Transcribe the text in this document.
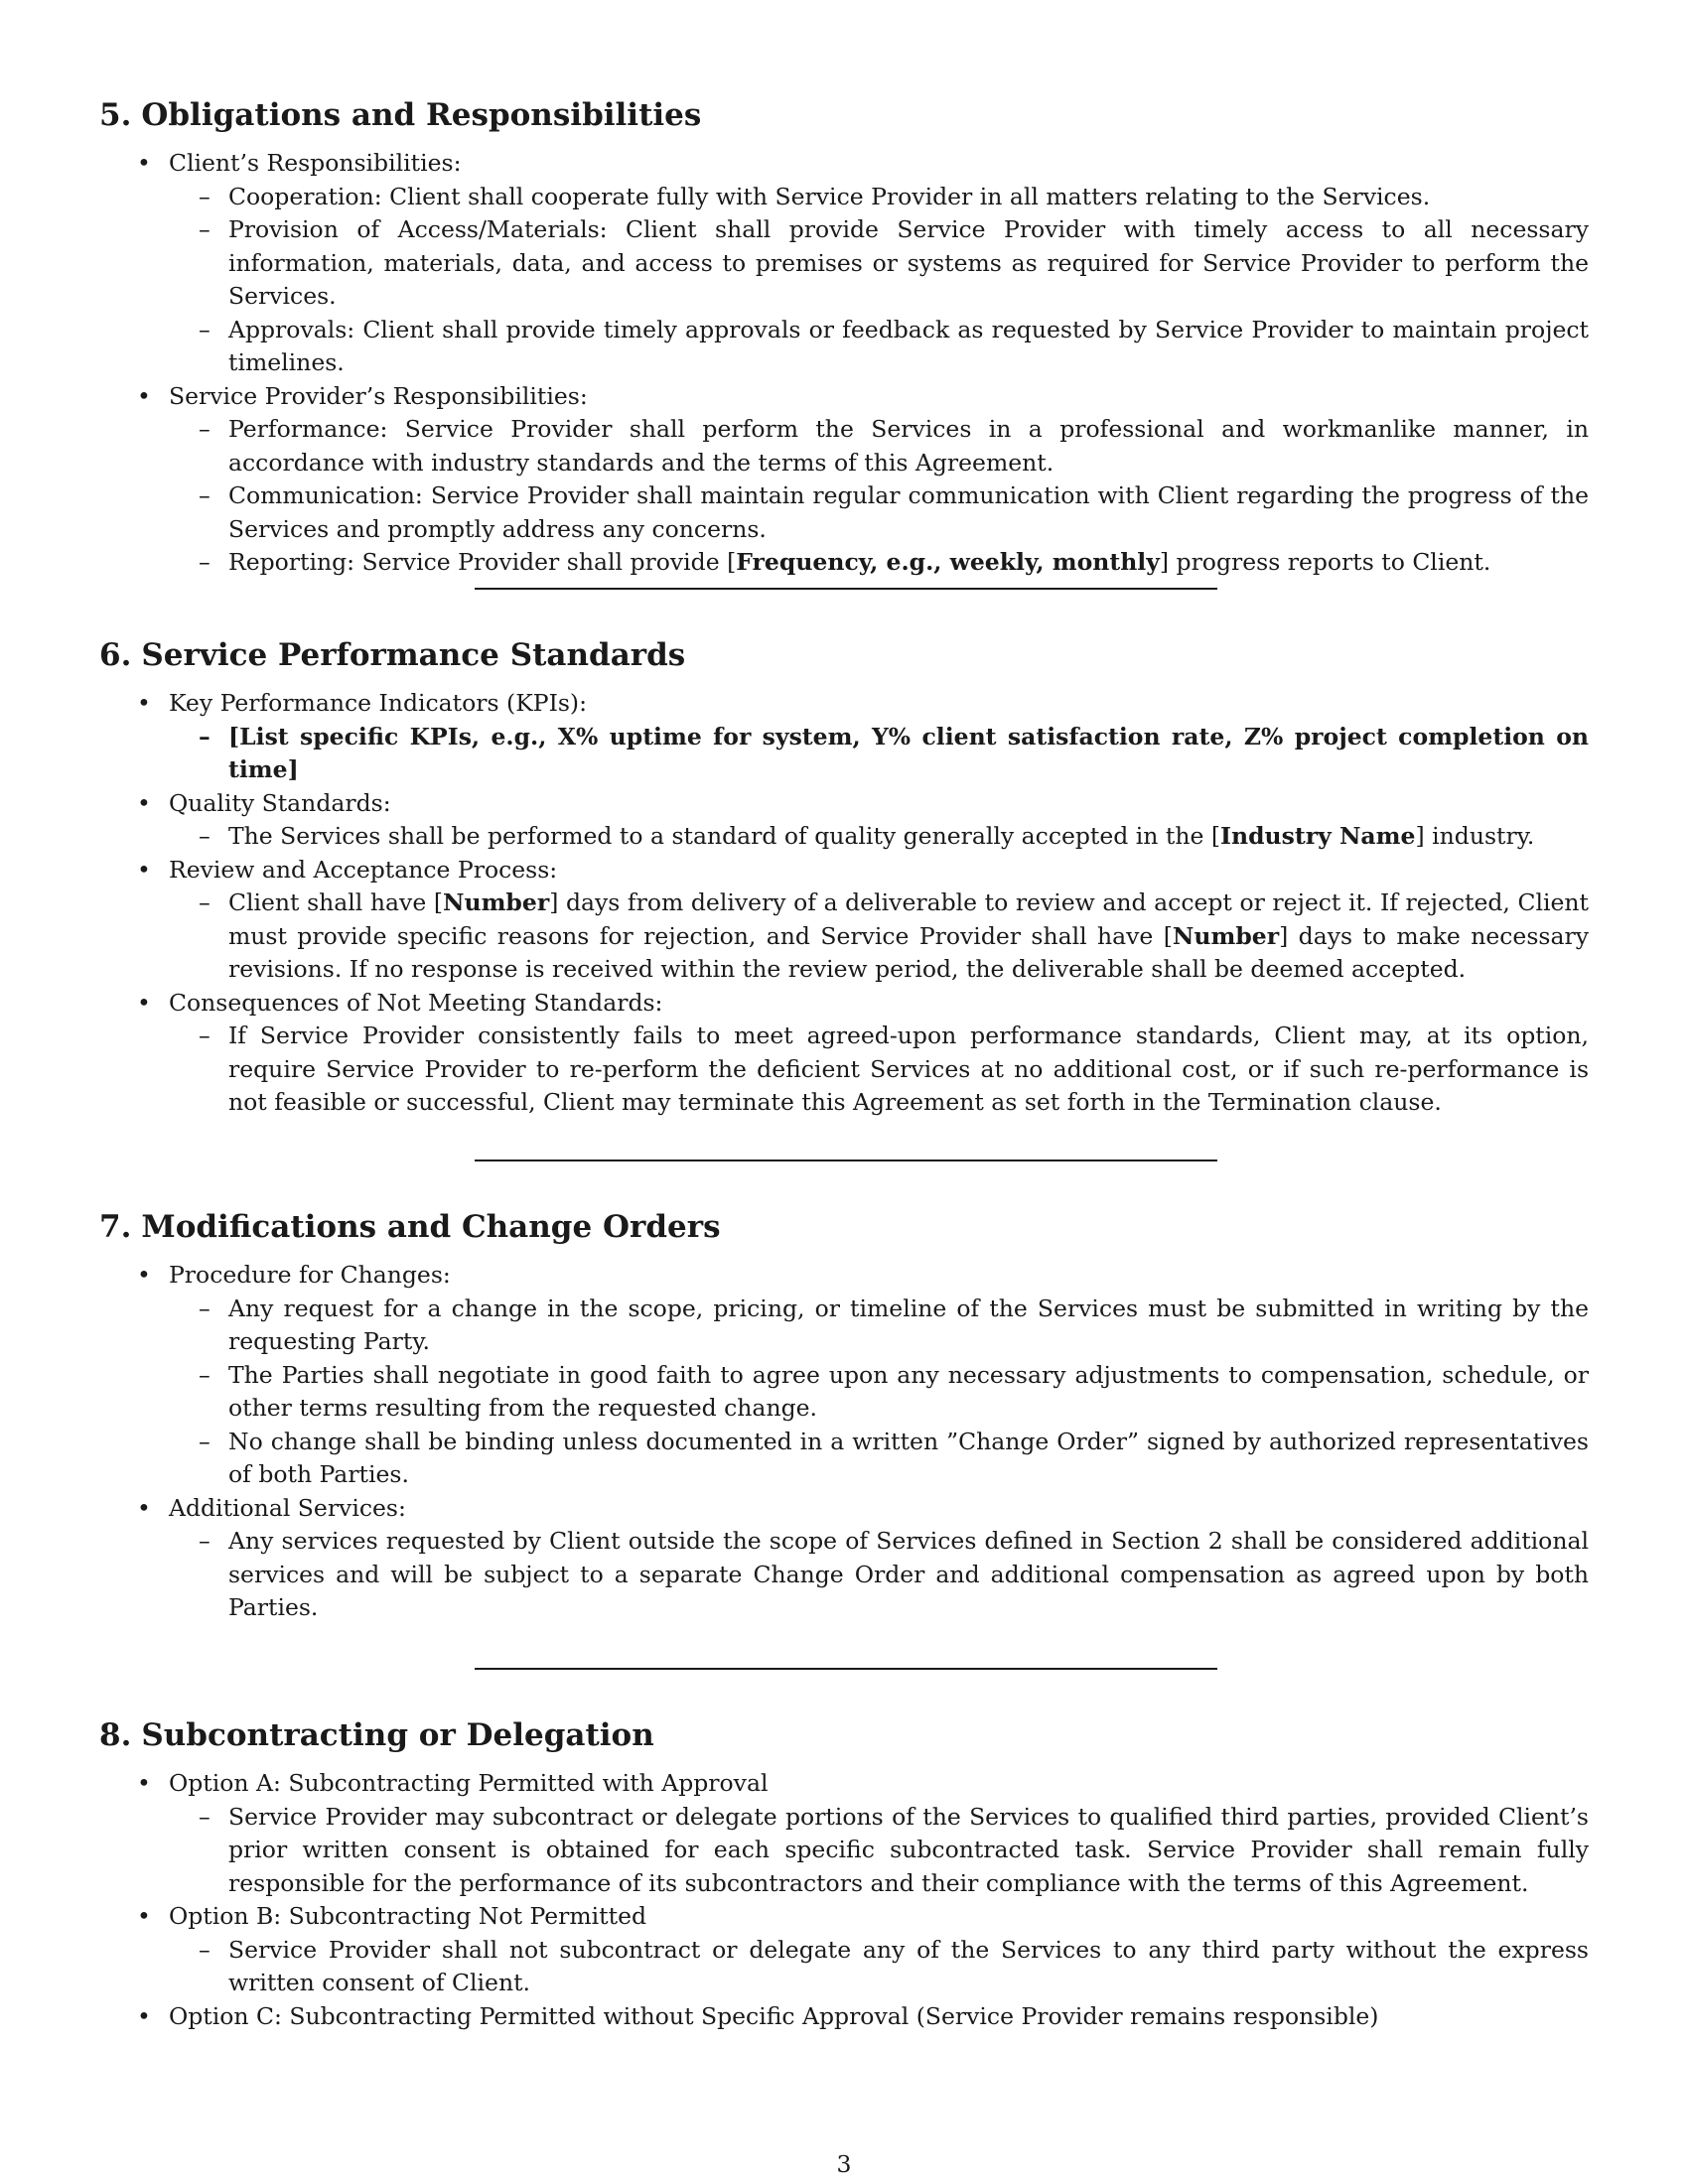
5. Obligations and Responsibilities
• Client’s Responsibilities:
– Cooperation: Client shall cooperate fully with Service Provider in all matters relating to the Services.
– Provision of Access/Materials: Client shall provide Service Provider with timely access to all necessary information, materials, data, and access to premises or systems as required for Service Provider to perform the Services.
– Approvals: Client shall provide timely approvals or feedback as requested by Service Provider to maintain project timelines.
• Service Provider’s Responsibilities:
– Performance: Service Provider shall perform the Services in a professional and workmanlike manner, in accordance with industry standards and the terms of this Agreement.
– Communication: Service Provider shall maintain regular communication with Client regarding the progress of the Services and promptly address any concerns.
– Reporting: Service Provider shall provide [Frequency, e.g., weekly, monthly] progress reports to Client.
6. Service Performance Standards
• Key Performance Indicators (KPIs):
– [List specific KPIs, e.g., X% uptime for system, Y% client satisfaction rate, Z% project completion on time]
• Quality Standards:
– The Services shall be performed to a standard of quality generally accepted in the [Industry Name] industry.
• Review and Acceptance Process:
– Client shall have [Number] days from delivery of a deliverable to review and accept or reject it. If rejected, Client must provide specific reasons for rejection, and Service Provider shall have [Number] days to make necessary revisions. If no response is received within the review period, the deliverable shall be deemed accepted.
• Consequences of Not Meeting Standards:
– If Service Provider consistently fails to meet agreed-upon performance standards, Client may, at its option, require Service Provider to re-perform the deficient Services at no additional cost, or if such re-performance is not feasible or successful, Client may terminate this Agreement as set forth in the Termination clause.
7. Modifications and Change Orders
• Procedure for Changes:
– Any request for a change in the scope, pricing, or timeline of the Services must be submitted in writing by the requesting Party.
– The Parties shall negotiate in good faith to agree upon any necessary adjustments to compensation, schedule, or other terms resulting from the requested change.
– No change shall be binding unless documented in a written ”Change Order” signed by authorized representatives of both Parties.
• Additional Services:
– Any services requested by Client outside the scope of Services defined in Section 2 shall be considered additional services and will be subject to a separate Change Order and additional compensation as agreed upon by both Parties.
8. Subcontracting or Delegation
• Option A: Subcontracting Permitted with Approval
– Service Provider may subcontract or delegate portions of the Services to qualified third parties, provided Client’s prior written consent is obtained for each specific subcontracted task. Service Provider shall remain fully responsible for the performance of its subcontractors and their compliance with the terms of this Agreement.
• Option B: Subcontracting Not Permitted
– Service Provider shall not subcontract or delegate any of the Services to any third party without the express written consent of Client.
• Option C: Subcontracting Permitted without Specific Approval (Service Provider remains responsible)
3
